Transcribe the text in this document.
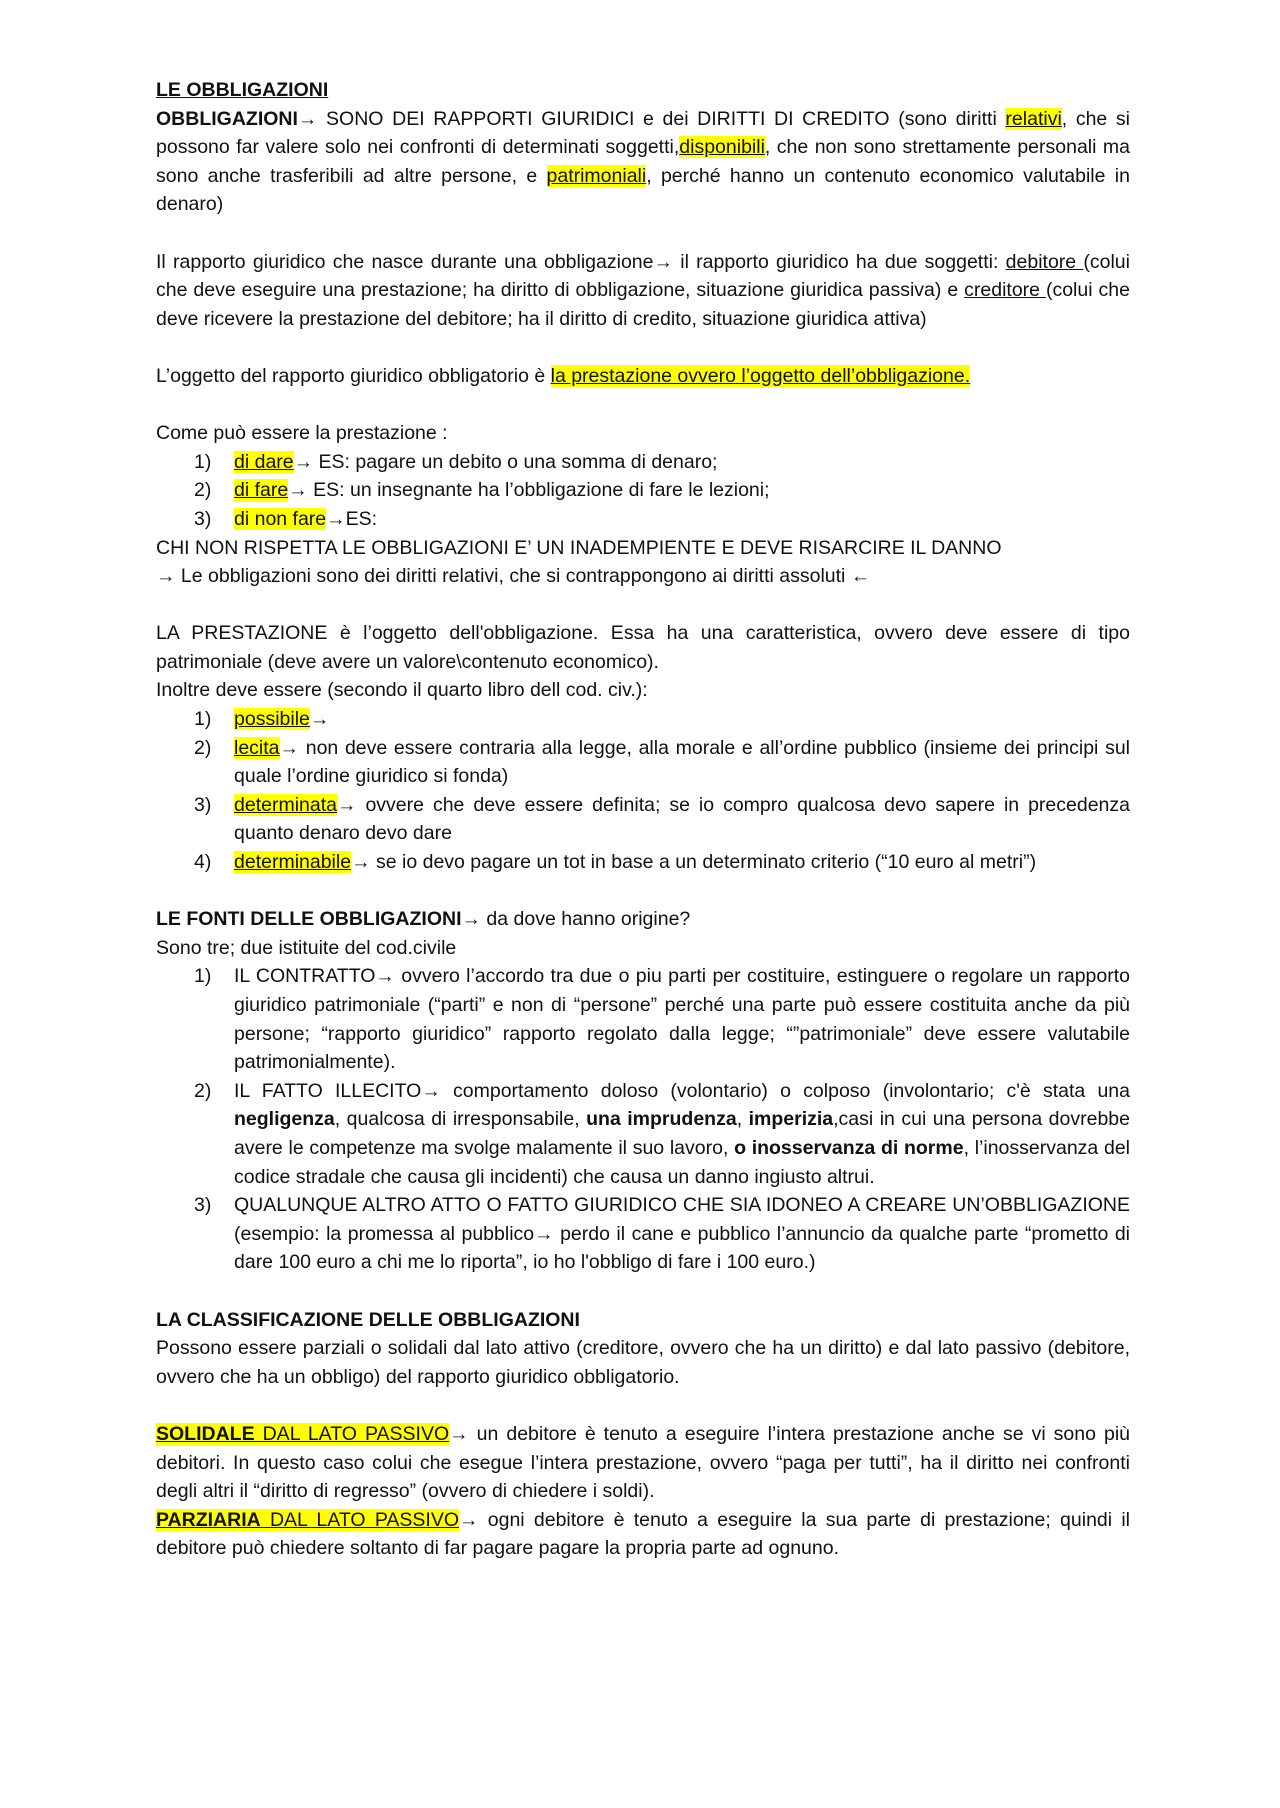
LE OBBLIGAZIONI

OBBLIGAZIONI→ SONO DEI RAPPORTI GIURIDICI e dei DIRITTI DI CREDITO (sono diritti relativi, che si possono far valere solo nei confronti di determinati soggetti,disponibili, che non sono strettamente personali ma sono anche trasferibili ad altre persone, e patrimoniali, perché hanno un contenuto economico valutabile in denaro)

Il rapporto giuridico che nasce durante una obbligazione→ il rapporto giuridico ha due soggetti: debitore (colui che deve eseguire una prestazione; ha diritto di obbligazione, situazione giuridica passiva) e creditore (colui che deve ricevere la prestazione del debitore; ha il diritto di credito, situazione giuridica attiva)

L’oggetto del rapporto giuridico obbligatorio è la prestazione ovvero l’oggetto dell’obbligazione.

Come può essere la prestazione :

1) di dare→ ES: pagare un debito o una somma di denaro;
2) di fare→ ES: un insegnante ha l’obbligazione di fare le lezioni;
3) di non fare→ES:

CHI NON RISPETTA LE OBBLIGAZIONI E’ UN INADEMPIENTE E DEVE RISARCIRE IL DANNO

→ Le obbligazioni sono dei diritti relativi, che si contrappongono ai diritti assoluti ←

LA PRESTAZIONE è l’oggetto dell'obbligazione. Essa ha una caratteristica, ovvero deve essere di tipo patrimoniale (deve avere un valore\contenuto economico).

Inoltre deve essere (secondo il quarto libro dell cod. civ.):

1) possibile→
2) lecita→ non deve essere contraria alla legge, alla morale e all’ordine pubblico (insieme dei principi sul quale l’ordine giuridico si fonda)
3) determinata→ ovvere che deve essere definita; se io compro qualcosa devo sapere in precedenza quanto denaro devo dare
4) determinabile→ se io devo pagare un tot in base a un determinato criterio (“10 euro al metri”)

LE FONTI DELLE OBBLIGAZIONI→ da dove hanno origine?

Sono tre; due istituite del cod.civile

1) IL CONTRATTO→ ovvero l’accordo tra due o piu parti per costituire, estinguere o regolare un rapporto giuridico patrimoniale (“parti” e non di “persone” perché una parte può essere costituita anche da più persone; “rapporto giuridico” rapporto regolato dalla legge; “”patrimoniale” deve essere valutabile patrimonialmente).
2) IL FATTO ILLECITO→ comportamento doloso (volontario) o colposo (involontario; c'è stata una negligenza, qualcosa di irresponsabile, una imprudenza, imperizia,casi in cui una persona dovrebbe avere le competenze ma svolge malamente il suo lavoro, o inosservanza di norme, l’inosservanza del codice stradale che causa gli incidenti) che causa un danno ingiusto altrui.
3) QUALUNQUE ALTRO ATTO O FATTO GIURIDICO CHE SIA IDONEO A CREARE UN’OBBLIGAZIONE (esempio: la promessa al pubblico→ perdo il cane e pubblico l’annuncio da qualche parte “prometto di dare 100 euro a chi me lo riporta”, io ho l'obbligo di fare i 100 euro.)

LA CLASSIFICAZIONE DELLE OBBLIGAZIONI

Possono essere parziali o solidali dal lato attivo (creditore, ovvero che ha un diritto) e dal lato passivo (debitore, ovvero che ha un obbligo) del rapporto giuridico obbligatorio.

SOLIDALE DAL LATO PASSIVO→ un debitore è tenuto a eseguire l’intera prestazione anche se vi sono più debitori. In questo caso colui che esegue l’intera prestazione, ovvero “paga per tutti”, ha il diritto nei confronti degli altri il “diritto di regresso” (ovvero di chiedere i soldi).

PARZIARIA DAL LATO PASSIVO→ ogni debitore è tenuto a eseguire la sua parte di prestazione; quindi il debitore può chiedere soltanto di far pagare pagare la propria parte ad ognuno.
